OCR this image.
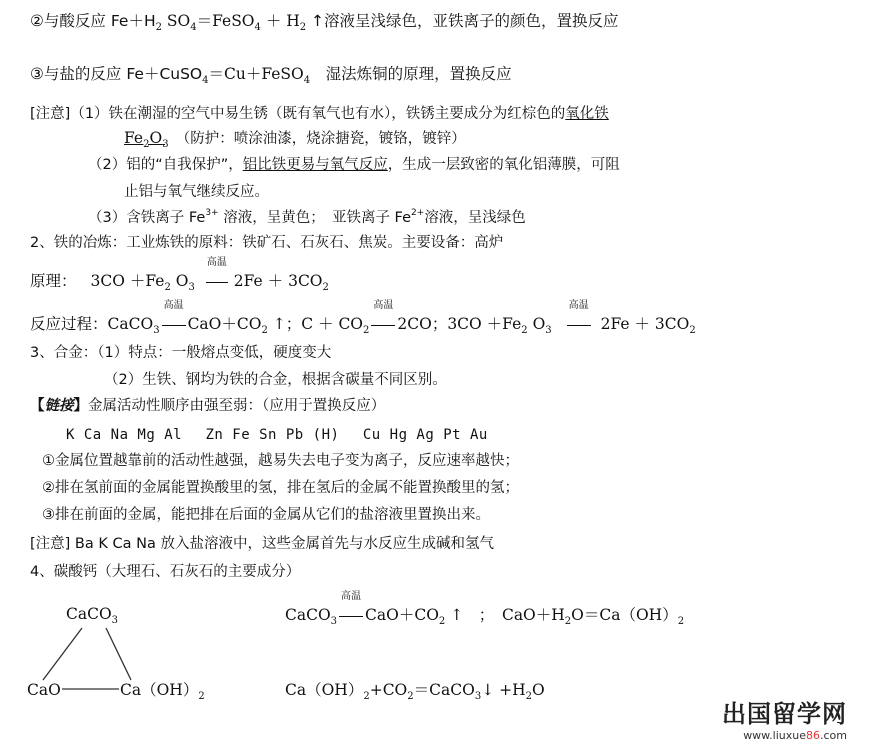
②与酸反应 $Fe+H_2$ $SO_4=FeSO_4 + H_2$ ↑溶液呈浅绿色，亚铁离子的颜色，置换反应
③与盐的反应 Fe＋CuSO$_4$＝Cu＋FeSO$_4$　湿法炼铜的原理，置换反应
[注意]（1）铁在潮湿的空气中易生锈（既有氧气也有水），铁锈主要成分为红棕色的氧化铁
$Fe_2O_3$　（防护：喷涂油漆，烧涂搪瓷，镀铬，镀锌）
（2）铝的“自我保护”，铝比铁更易与氧气反应，生成一层致密的氧化铝薄膜，可阻
止铝与氧气继续反应。
（3）含铁离子 $Fe^{3+}$ 溶液，呈黄色；　亚铁离子 $Fe^{2+}$溶液，呈浅绿色
2、铁的冶炼：工业炼铁的原料：铁矿石、石灰石、焦炭。主要设备：高炉
原理： $3CO +Fe_2$ $O_3$
高温
$2Fe + 3CO_2$
反应过程：CaCO$_3$
高温
$CaO+CO_2$ ↑；$C + CO_2$
高温
2CO；$3CO +Fe_2$ $O_3$
高温
$2Fe + 3CO_2$
3、合金：（1）特点：一般熔点变低，硬度变大
（2）生铁、钢均为铁的合金，根据含碳量不同区别。
【链接】金属活动性顺序由强至弱：（应用于置换反应）
K Ca Na Mg Al　 Zn Fe Sn Pb (H)　 Cu Hg Ag Pt Au
①金属位置越靠前的活动性越强，越易失去电子变为离子，反应速率越快；
②排在氢前面的金属能置换酸里的氢，排在氢后的金属不能置换酸里的氢；
③排在前面的金属，能把排在后面的金属从它们的盐溶液里置换出来。
[注意] Ba K Ca Na 放入盐溶液中，这些金属首先与水反应生成碱和氢气
4、碳酸钙（大理石、石灰石的主要成分）
CaCO$_3$
CaO	$Ca(OH)_2$
CaCO$_3$
高温
$CaO+CO_2$ ↑　；　$CaO+H_2O=Ca(OH)_2$
$Ca(OH)_2+CO_2=CaCO_3↓ +H_2O$
出国留学网
www.liuxue86.com
